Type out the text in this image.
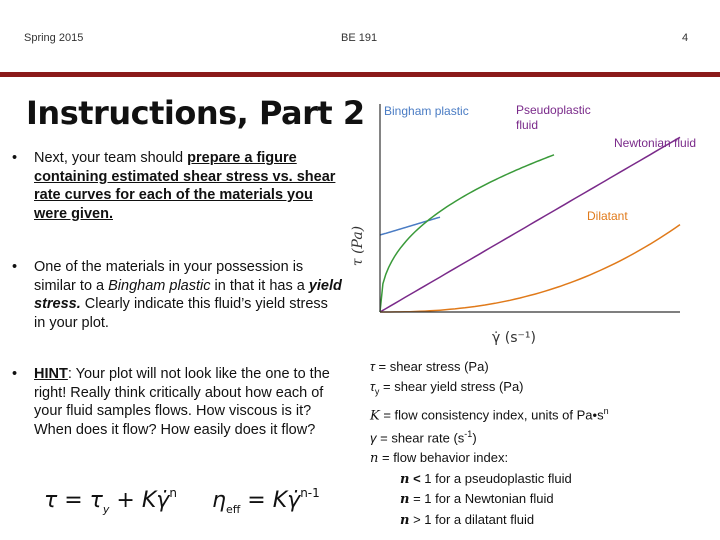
Spring 2015	BE 191	4
Instructions, Part 2
•	Next, your team should prepare a figure containing estimated shear stress vs. shear rate curves for each of the materials you were given.
•	One of the materials in your possession is similar to a Bingham plastic in that it has a yield stress. Clearly indicate this fluid’s yield stress in your plot.
•	HINT: Your plot will not look like the one to the right! Really think critically about how each of your fluid samples flows. How viscous is it? When does it flow? How easily does it flow?
$\tau = \tau_y$ + Kγ̇$^n$ $\eta_{eff}$ = Kγ̇$^{n-1}$
τ (Pa)
γ̇ (s⁻¹)
Bingham plastic	Pseudoplastic fluid
Newtonian fluid
Dilatant
τ = shear stress (Pa)
$\tau_y$ = shear yield stress (Pa)
K = flow consistency index, units of $Pa•s^n$
γ = shear rate $(s^{-1})$
n = flow behavior index:
n < 1 for a pseudoplastic fluid
n = 1 for a Newtonian fluid
n > 1 for a dilatant fluid
